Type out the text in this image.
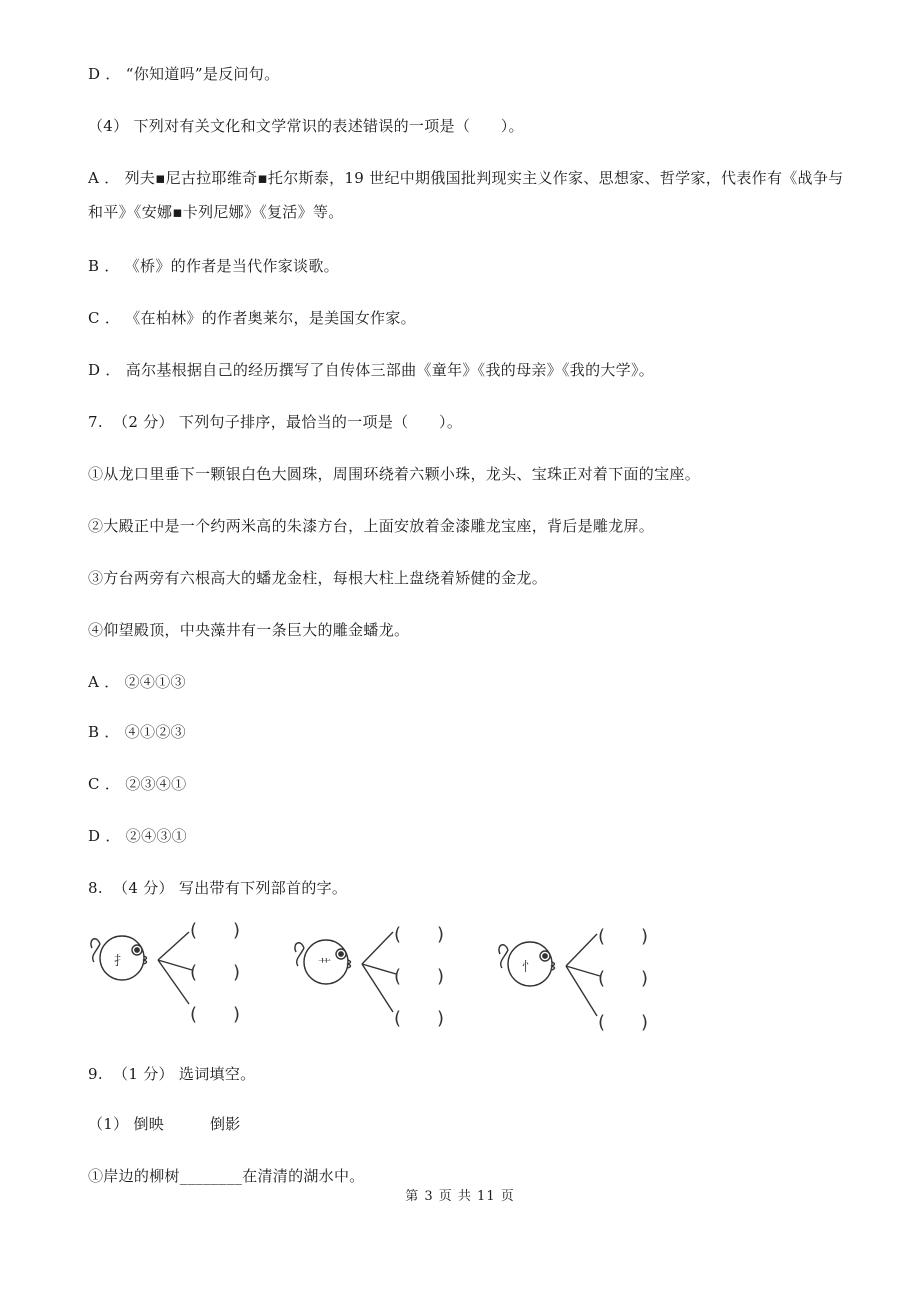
D ． “你知道吗”是反问句。
（4） 下列对有关文化和文学常识的表述错误的一项是（　　）。
A ． 列夫▪尼古拉耶维奇▪托尔斯泰，19 世纪中期俄国批判现实主义作家、思想家、哲学家，代表作有《战争与
和平》《安娜▪卡列尼娜》《复活》等。
B ． 《桥》的作者是当代作家谈歌。
C ． 《在柏林》的作者奥莱尔，是美国女作家。
D ． 高尔基根据自己的经历撰写了自传体三部曲《童年》《我的母亲》《我的大学》。
7.  （2 分） 下列句子排序，最恰当的一项是（　　）。
①从龙口里垂下一颗银白色大圆珠，周围环绕着六颗小珠，龙头、宝珠正对着下面的宝座。
②大殿正中是一个约两米高的朱漆方台，上面安放着金漆雕龙宝座，背后是雕龙屏。
③方台两旁有六根高大的蟠龙金柱，每根大柱上盘绕着矫健的金龙。
④仰望殿顶，中央藻井有一条巨大的雕金蟠龙。
A ． ②④①③
B ． ④①②③
C ． ②③④①
D ． ②④③①
8.  （4 分） 写出带有下列部首的字。
扌
(　　)
(　　)
(　　)
艹
(　　)
(　　)
(　　)
忄
(　　)
(　　)
(　　)
9.  （1 分） 选词填空。
（1） 倒映　　　倒影
①岸边的柳树________在清清的湖水中。
第 3 页 共 11 页
